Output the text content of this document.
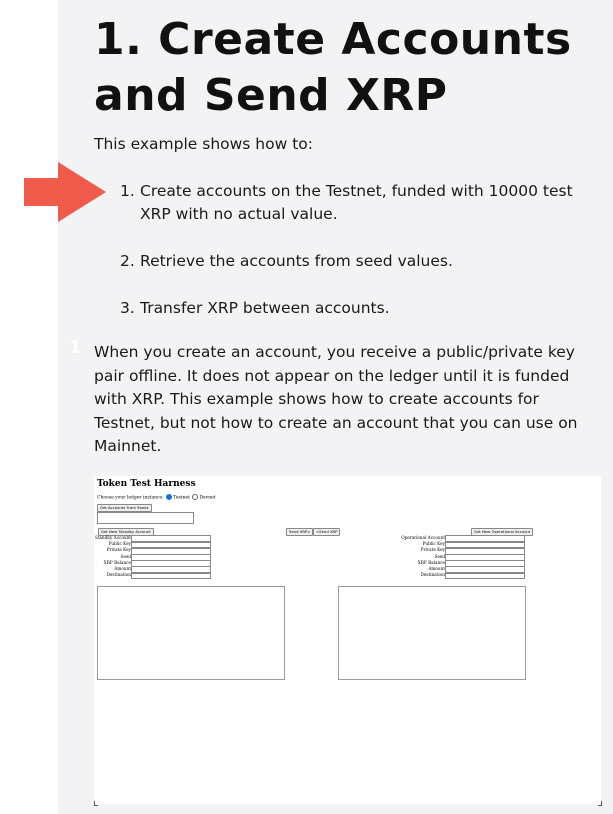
1. Create Accounts and Send XRP

This example shows how to:

1
1. Create accounts on the Testnet, funded with 10000 test XRP with no actual value.
2. Retrieve the accounts from seed values.
3. Transfer XRP between accounts.

When you create an account, you receive a public/private key pair offline. It does not appear on the ledger until it is funded with XRP. This example shows how to create accounts for Testnet, but not how to create an account that you can use on Mainnet.

Token Test Harness
Choose your ledger instance: Testnet Devnet
Get Accounts From Seeds
Get New Standby Account	Send XRP>	<Send XRP	Get New Operational Account
Standby Account
Public Key
Private Key
Seed
XRP Balance
Amount
Destination
Operational Account
Public Key
Private Key
Seed
XRP Balance
Amount
Destination
